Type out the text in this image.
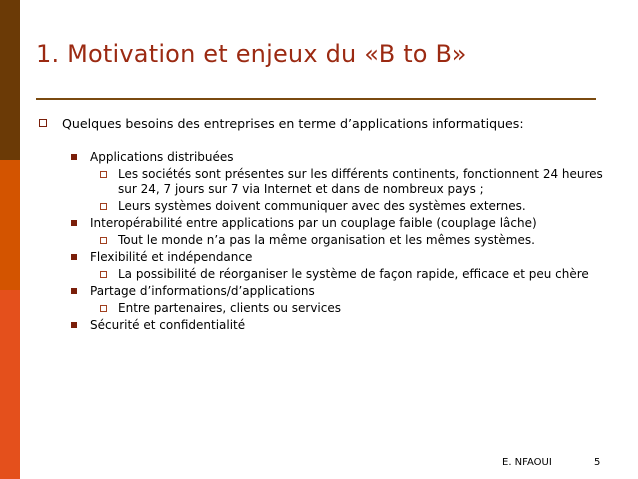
1. Motivation et enjeux du «B to B»
Quelques besoins des entreprises en terme d’applications informatiques:
Applications distribuées
Les sociétés sont présentes sur les différents continents, fonctionnent 24 heures sur 24, 7 jours sur 7 via Internet et dans de nombreux pays ;
Leurs systèmes doivent communiquer avec des systèmes externes.
Interopérabilité entre applications par un couplage faible (couplage lâche)
Tout le monde n’a pas la même organisation et les mêmes systèmes.
Flexibilité et indépendance
La possibilité de réorganiser le système de façon rapide, efficace et peu chère
Partage d’informations/d’applications
Entre partenaires, clients ou services
Sécurité et confidentialité
E. NFAOUI	5
